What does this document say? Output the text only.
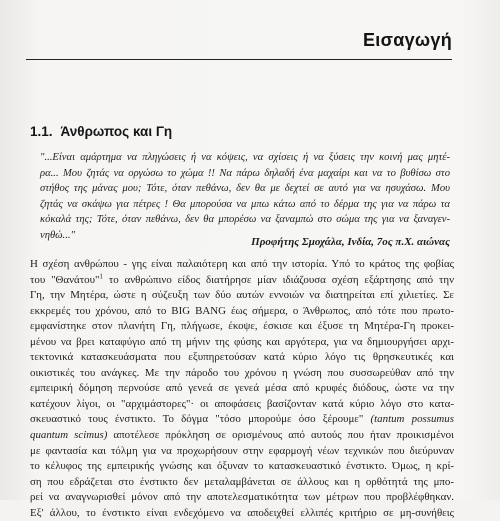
Εισαγωγή
1.1. Άνθρωπος και Γη
"...Είναι αμάρτημα να πληγώσεις ή να κόψεις, να σχίσεις ή να ξύσεις την κοινή μας μητέ-
ρα... Μου ζητάς να οργώσω το χώμα !! Να πάρω δηλαδή ένα μαχαίρι και να το βυθίσω στο
στήθος της μάνας μου; Τότε, όταν πεθάνω, δεν θα με δεχτεί σε αυτό για να ησυχάσω. Μου
ζητάς να σκάψω για πέτρες ! Θα μπορούσα να μπω κάτω από το δέρμα της για να πάρω τα
κόκαλά της; Τότε, όταν πεθάνω, δεν θα μπορέσω να ξαναμπώ στο σώμα της για να ξαναγεν-
νηθώ..."
Προφήτης Σμοχάλα, Ινδία, 7ος π.Χ. αιώνας
Η σχέση ανθρώπου - γης είναι παλαιότερη και από την ιστορία. Υπό το κράτος της φοβίας
του "Θανάτου"$^1$ το ανθρώπινο είδος διατήρησε μίαν ιδιάζουσα σχέση εξάρτησης από την
Γη, την Μητέρα, ώστε η σύζευξη των δύο αυτών εννοιών να διατηρείται επί χιλιετίες. Σε
εκκρεμές του χρόνου, από το BIG BANG έως σήμερα, ο Άνθρωπος, από τότε που πρωτο-
εμφανίστηκε στον πλανήτη Γη, πλήγωσε, έκοψε, έσκισε και έξυσε τη Μητέρα-Γη προκει-
μένου να βρει καταφύγιο από τη μήνιν της φύσης και αργότερα, για να δημιουργήσει αρχι-
τεκτονικά κατασκευάσματα που εξυπηρετούσαν κατά κύριο λόγο τις θρησκευτικές και
οικιστικές του ανάγκες. Με την πάροδο του χρόνου η γνώση που συσσωρεύθαν από την
εμπειρική δόμηση περνούσε από γενεά σε γενεά μέσα από κρυφές διόδους, ώστε να την
κατέχουν λίγοι, οι "αρχιμάστορες"· οι αποφάσεις βασίζονταν κατά κύριο λόγο στο κατα-
σκευαστικό τους ένστικτο. Το δόγμα "τόσο μπορούμε όσο ξέρουμε" (tantum possumus
quantum scimus) αποτέλεσε πρόκληση σε ορισμένους από αυτούς που ήταν προικισμένοι
με φαντασία και τόλμη για να προχωρήσουν στην εφαρμογή νέων τεχνικών που διεύρυναν
το κέλυφος της εμπειρικής γνώσης και όξυναν το κατασκευαστικό ένστικτο. Όμως, η κρί-
ση που εδράζεται στο ένστικτο δεν μεταλαμβάνεται σε άλλους και η ορθότητά της μπο-
ρεί να αναγνωρισθεί μόνον από την αποτελεσματικότητα των μέτρων που προβλέφθηκαν.
Εξ' άλλου, το ένστικτο είναι ενδεχόμενο να αποδειχθεί ελλιπές κριτήριο σε μη-συνήθεις
